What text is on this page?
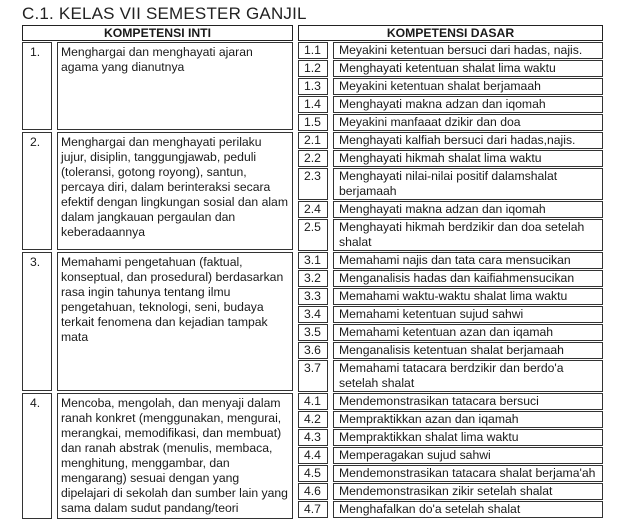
C.1. KELAS VII SEMESTER GANJIL
KOMPETENSI INTI	KOMPETENSI DASAR
1.	Menghargai dan menghayati ajaran agama yang dianutnya
1.1	Meyakini ketentuan bersuci dari hadas, najis.
1.2	Menghayati ketentuan shalat lima waktu
1.3	Meyakini ketentuan shalat berjamaah
1.4	Menghayati makna adzan dan iqomah
1.5	Meyakini manfaaat dzikir dan doa
2.	Menghargai dan menghayati perilaku jujur, disiplin, tanggungjawab, peduli (toleransi, gotong royong), santun, percaya diri, dalam berinteraksi secara efektif dengan lingkungan sosial dan alam dalam jangkauan pergaulan dan keberadaannya
2.1	Menghayati kalfiah bersuci dari hadas,najis.
2.2	Menghayati hikmah shalat lima waktu
2.3	Menghayati nilai-nilai positif dalamshalat berjamaah
2.4	Menghayati makna adzan dan iqomah
2.5	Menghayati hikmah berdzikir dan doa setelah shalat
3.	Memahami pengetahuan (faktual, konseptual, dan prosedural) berdasarkan rasa ingin tahunya tentang ilmu pengetahuan, teknologi, seni, budaya terkait fenomena dan kejadian tampak mata
3.1	Memahami najis dan tata cara mensucikan
3.2	Menganalisis hadas dan kaifiahmensucikan
3.3	Memahami waktu-waktu shalat lima waktu
3.4	Memahami ketentuan sujud sahwi
3.5	Memahami ketentuan azan dan iqamah
3.6	Menganalisis ketentuan shalat berjamaah
3.7	Memahami tatacara berdzikir dan berdo'a setelah shalat
4.	Mencoba, mengolah, dan menyaji dalam ranah konkret (menggunakan, mengurai, merangkai, memodifikasi, dan membuat) dan ranah abstrak (menulis, membaca, menghitung, menggambar, dan mengarang) sesuai dengan yang dipelajari di sekolah dan sumber lain yang sama dalam sudut pandang/teori
4.1	Mendemonstrasikan tatacara bersuci
4.2	Mempraktikkan azan dan iqamah
4.3	Mempraktikkan shalat lima waktu
4.4	Memperagakan sujud sahwi
4.5	Mendemonstrasikan tatacara shalat berjama'ah
4.6	Mendemonstrasikan zikir setelah shalat
4.7	Menghafalkan do'a setelah shalat
